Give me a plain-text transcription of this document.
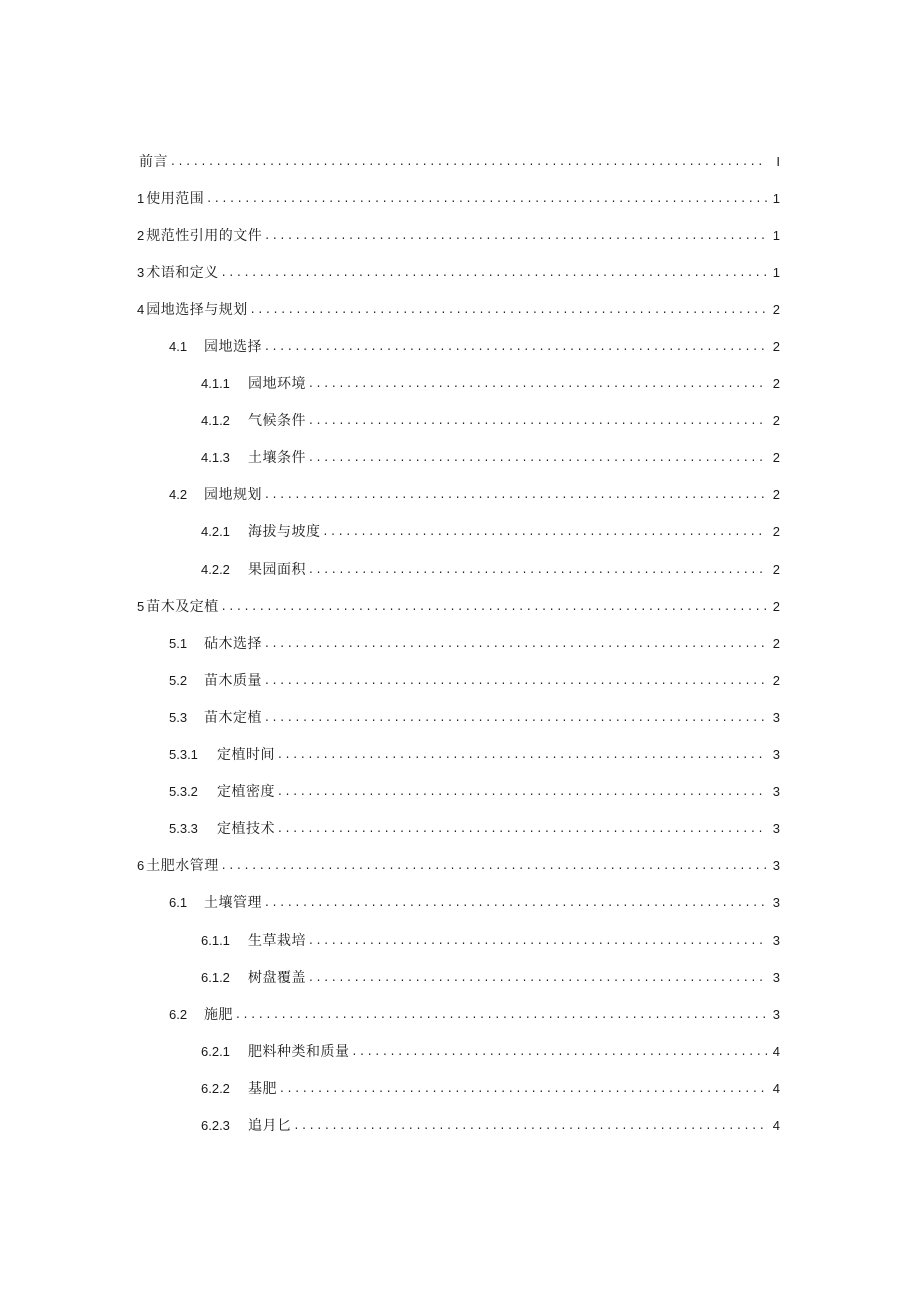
前言 . . .	I
1 使用范围 . . .	1
2 规范性引用的文件 . . .	1
3 术语和定义 . . .	1
4 园地选择与规划 . . .	2
4.1	园地选择 . . .	2
4.1.1	园地环境 . . .	2
4.1.2	气候条件 . . .	2
4.1.3	土壤条件 . . .	2
4.2	园地规划 . . .	2
4.2.1	海拔与坡度 . . .	2
4.2.2	果园面积 . . .	2
5 苗木及定植 . . .	2
5.1	砧木选择 . . .	2
5.2	苗木质量 . . .	2
5.3	苗木定植 . . .	3
5.3.1	定植时间 . . .	3
5.3.2	定植密度 . . .	3
5.3.3	定植技术 . . .	3
6 土肥水管理 . . .	3
6.1	土壤管理 . . .	3
6.1.1	生草栽培 . . .	3
6.1.2	树盘覆盖 . . .	3
6.2	施肥 . . .	3
6.2.1	肥料种类和质量 . . .	4
6.2.2	基肥 . . .	4
6.2.3	追月匕 . . .	4
